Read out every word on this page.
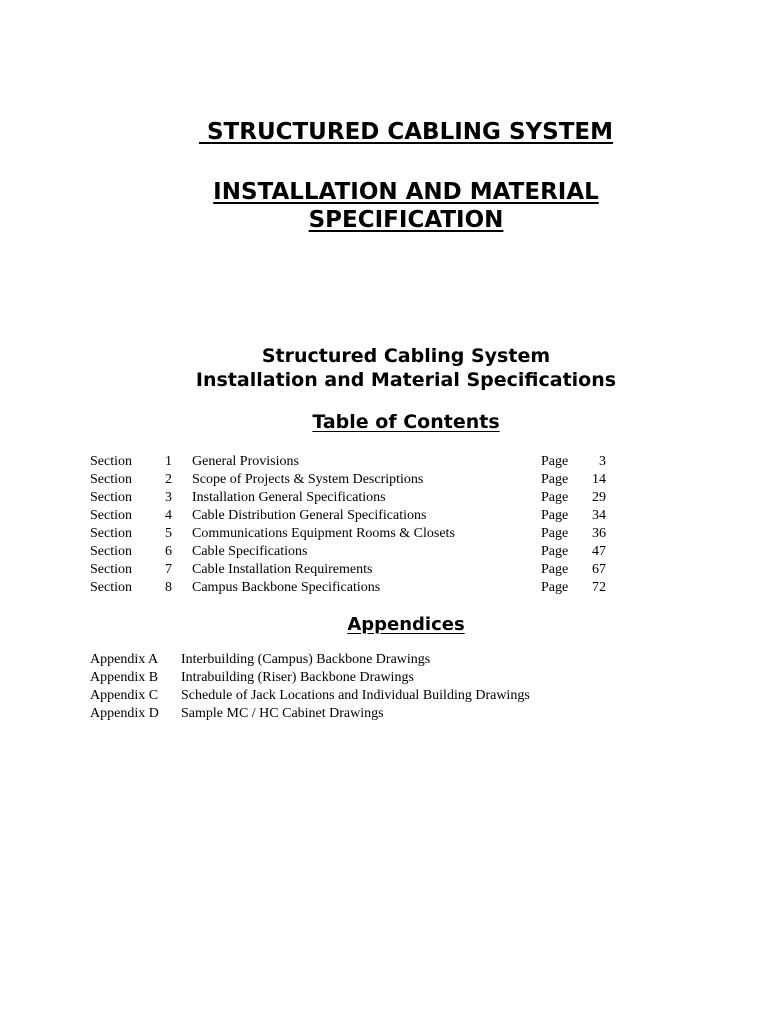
STRUCTURED CABLING SYSTEM
INSTALLATION AND MATERIAL
SPECIFICATION
Structured Cabling System
Installation and Material Specifications
Table of Contents
Section	1 General Provisions	Page	3
Section	2 Scope of Projects & System Descriptions	Page	14
Section	3 Installation General Specifications	Page	29
Section	4 Cable Distribution General Specifications	Page	34
Section	5 Communications Equipment Rooms & Closets	Page	36
Section	6 Cable Specifications	Page	47
Section	7 Cable Installation Requirements	Page	67
Section	8 Campus Backbone Specifications	Page	72
Appendices
Appendix A Interbuilding (Campus) Backbone Drawings
Appendix B Intrabuilding (Riser) Backbone Drawings
Appendix C Schedule of Jack Locations and Individual Building Drawings
Appendix D Sample MC / HC Cabinet Drawings
